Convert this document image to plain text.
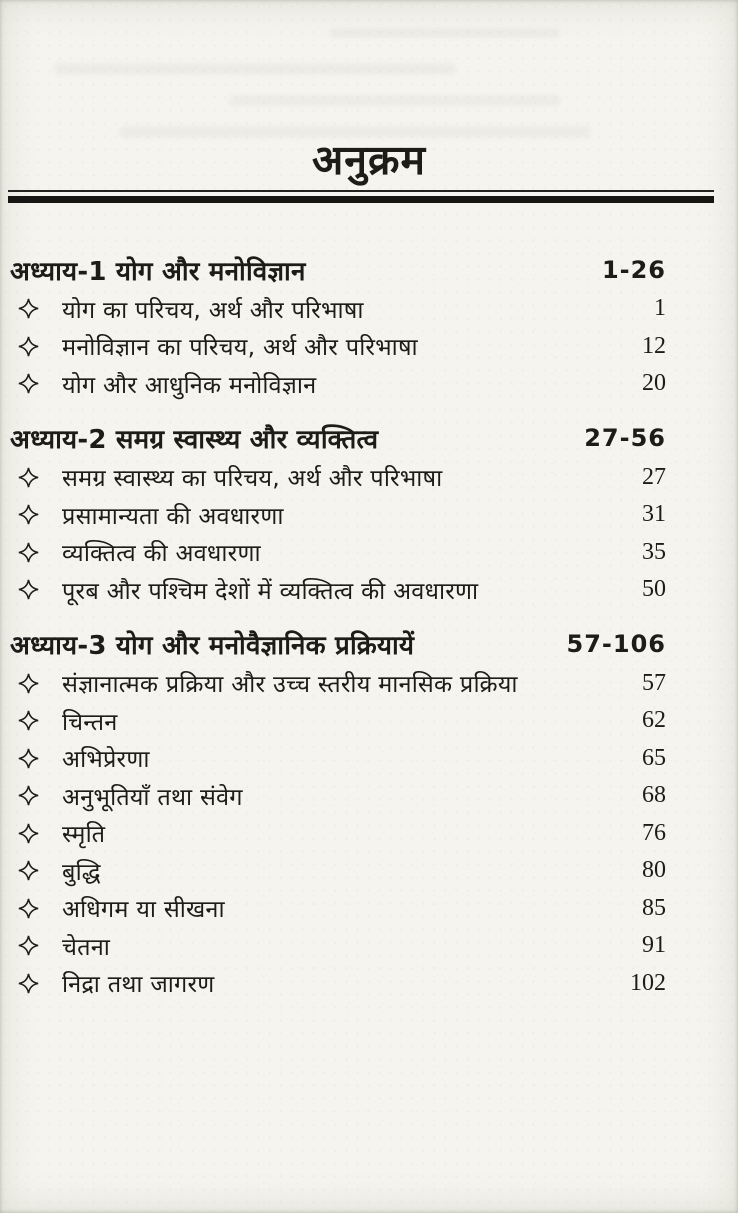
अनुक्रम
अध्याय-1 योग और मनोविज्ञान	1-26
योग का परिचय, अर्थ और परिभाषा	1
मनोविज्ञान का परिचय, अर्थ और परिभाषा	12
योग और आधुनिक मनोविज्ञान	20
अध्याय-2 समग्र स्वास्थ्य और व्यक्तित्व	27-56
समग्र स्वास्थ्य का परिचय, अर्थ और परिभाषा	27
प्रसामान्यता की अवधारणा	31
व्यक्तित्व की अवधारणा	35
पूरब और पश्चिम देशों में व्यक्तित्व की अवधारणा	50
अध्याय-3 योग और मनोवैज्ञानिक प्रक्रियायें	57-106
संज्ञानात्मक प्रक्रिया और उच्च स्तरीय मानसिक प्रक्रिया	57
चिन्तन	62
अभिप्रेरणा	65
अनुभूतियाँ तथा संवेग	68
स्मृति	76
बुद्धि	80
अधिगम या सीखना	85
चेतना	91
निद्रा तथा जागरण	102
